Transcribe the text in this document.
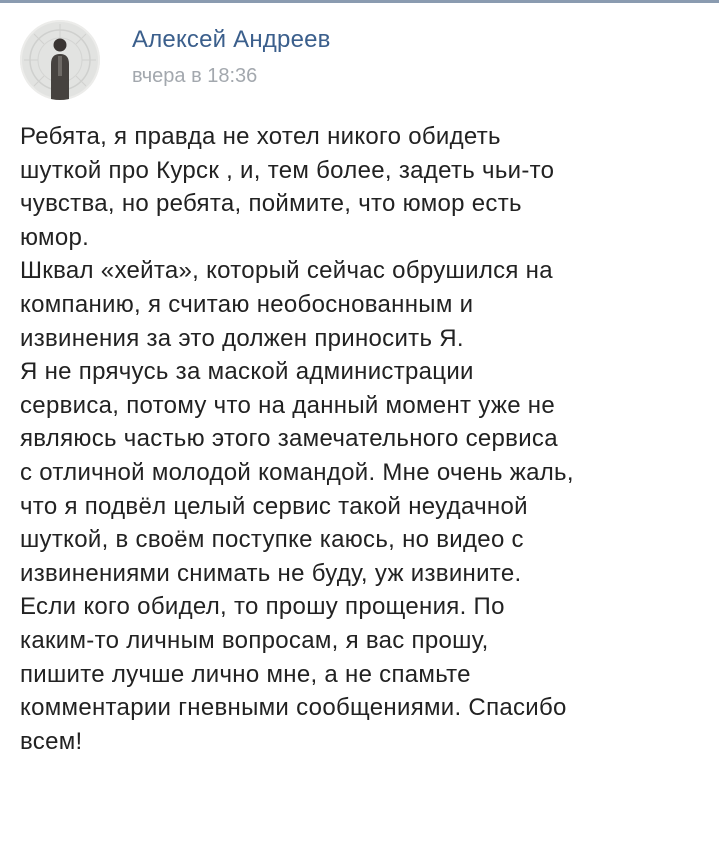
Алексей Андреев
вчера в 18:36
Ребята, я правда не хотел никого обидеть
шуткой про Курск , и, тем более, задеть чьи-то
чувства, но ребята, поймите, что юмор есть
юмор.
Шквал «хейта», который сейчас обрушился на
компанию, я считаю необоснованным и
извинения за это должен приносить Я.
Я не прячусь за маской администрации
сервиса, потому что на данный момент уже не
являюсь частью этого замечательного сервиса
с отличной молодой командой. Мне очень жаль,
что я подвёл целый сервис такой неудачной
шуткой, в своём поступке каюсь, но видео с
извинениями снимать не буду, уж извините.
Если кого обидел, то прошу прощения. По
каким-то личным вопросам, я вас прошу,
пишите лучше лично мне, а не спамьте
комментарии гневными сообщениями. Спасибо
всем!
